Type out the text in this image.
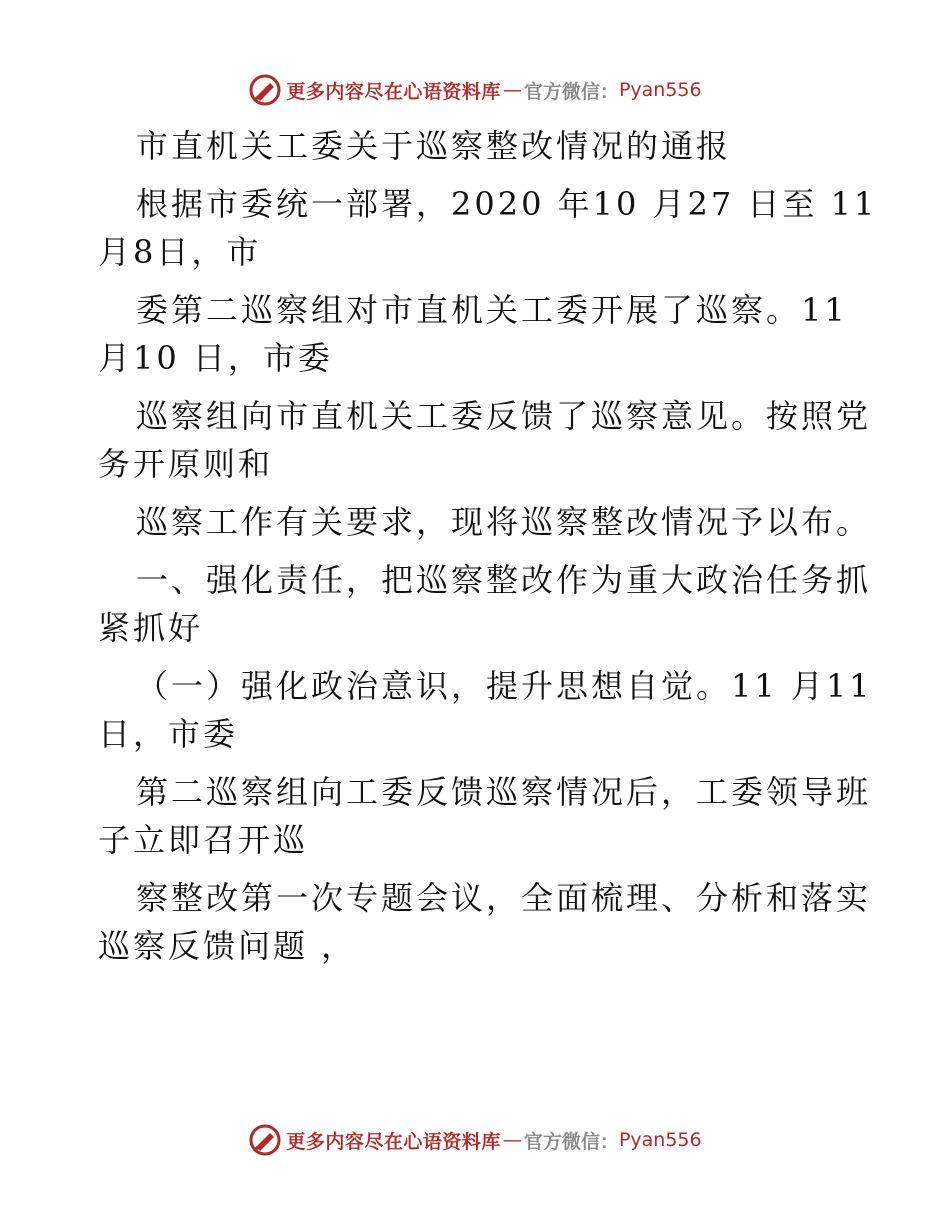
更多内容尽在心语资料库 — 官方微信： Pyan556
市直机关工委关于巡察整改情况的通报
根据市委统一部署，2020 年10 月27 日至 11
月8日，市
委第二巡察组对市直机关工委开展了巡察。11
月10 日，市委
巡察组向市直机关工委反馈了巡察意见。按照党
务开原则和
巡察工作有关要求，现将巡察整改情况予以布。
一、强化责任，把巡察整改作为重大政治任务抓
紧抓好
（一）强化政治意识，提升思想自觉。11 月11
日，市委
第二巡察组向工委反馈巡察情况后，工委领导班
子立即召开巡
察整改第一次专题会议，全面梳理、分析和落实
巡察反馈问题 ，
更多内容尽在心语资料库 — 官方微信： Pyan556
